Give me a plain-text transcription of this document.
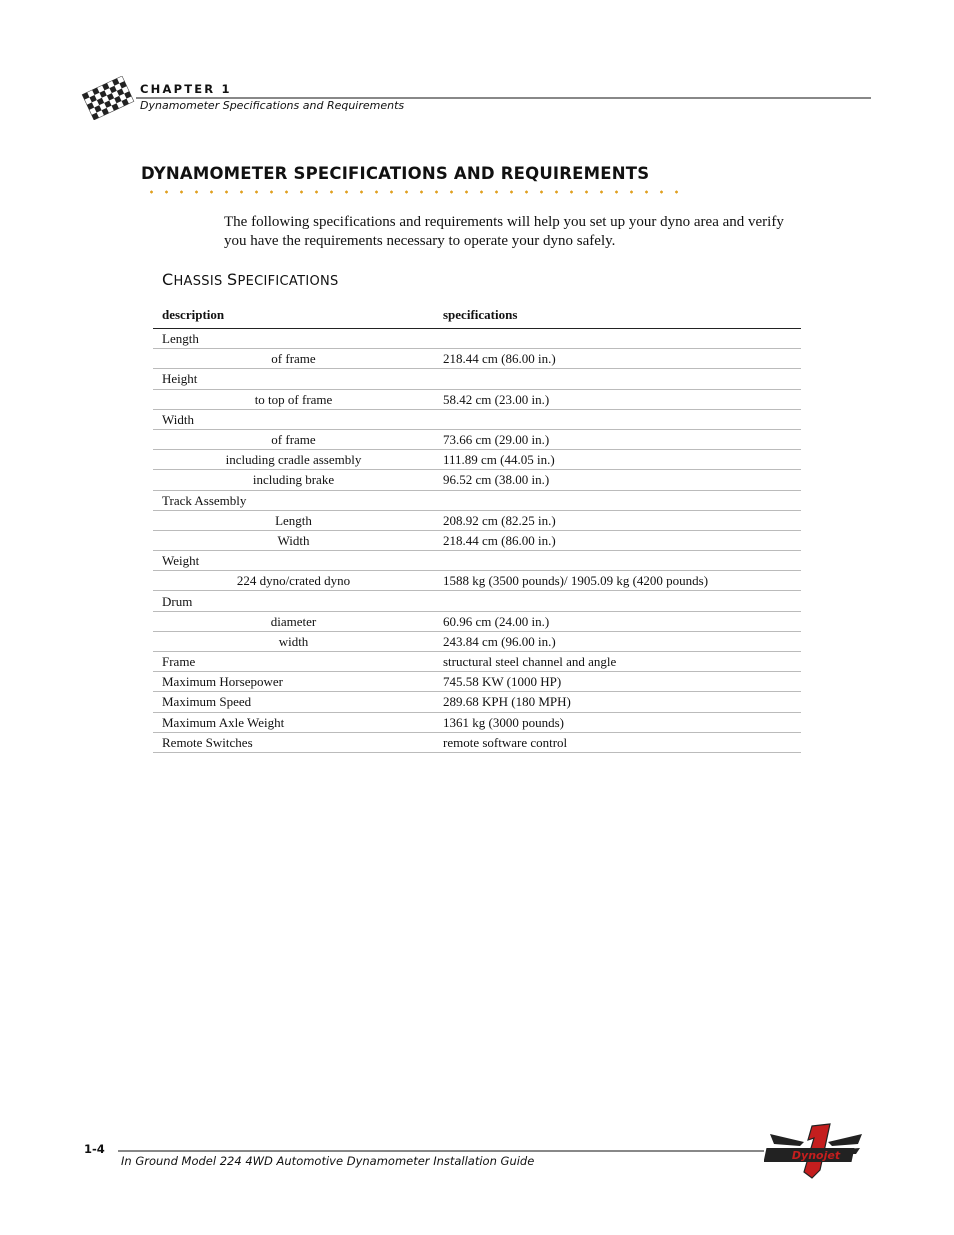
CHAPTER 1
Dynamometer Specifications and Requirements
DYNAMOMETER SPECIFICATIONS AND REQUIREMENTS
The following specifications and requirements will help you set up your dyno area and verify you have the requirements necessary to operate your dyno safely.
CHASSIS SPECIFICATIONS
description	specifications
Length	
of frame	218.44 cm (86.00 in.)
Height	
to top of frame	58.42 cm (23.00 in.)
Width	
of frame	73.66 cm (29.00 in.)
including cradle assembly	111.89 cm (44.05 in.)
including brake	96.52 cm (38.00 in.)
Track Assembly	
Length	208.92 cm (82.25 in.)
Width	218.44 cm (86.00 in.)
Weight	
224 dyno/crated dyno	1588 kg (3500 pounds)/ 1905.09 kg (4200 pounds)
Drum	
diameter	60.96 cm (24.00 in.)
width	243.84 cm (96.00 in.)
Frame	structural steel channel and angle
Maximum Horsepower	745.58 KW (1000 HP)
Maximum Speed	289.68 KPH (180 MPH)
Maximum Axle Weight	1361 kg (3000 pounds)
Remote Switches	remote software control
1-4
In Ground Model 224 4WD Automotive Dynamometer Installation Guide	Dynojet
